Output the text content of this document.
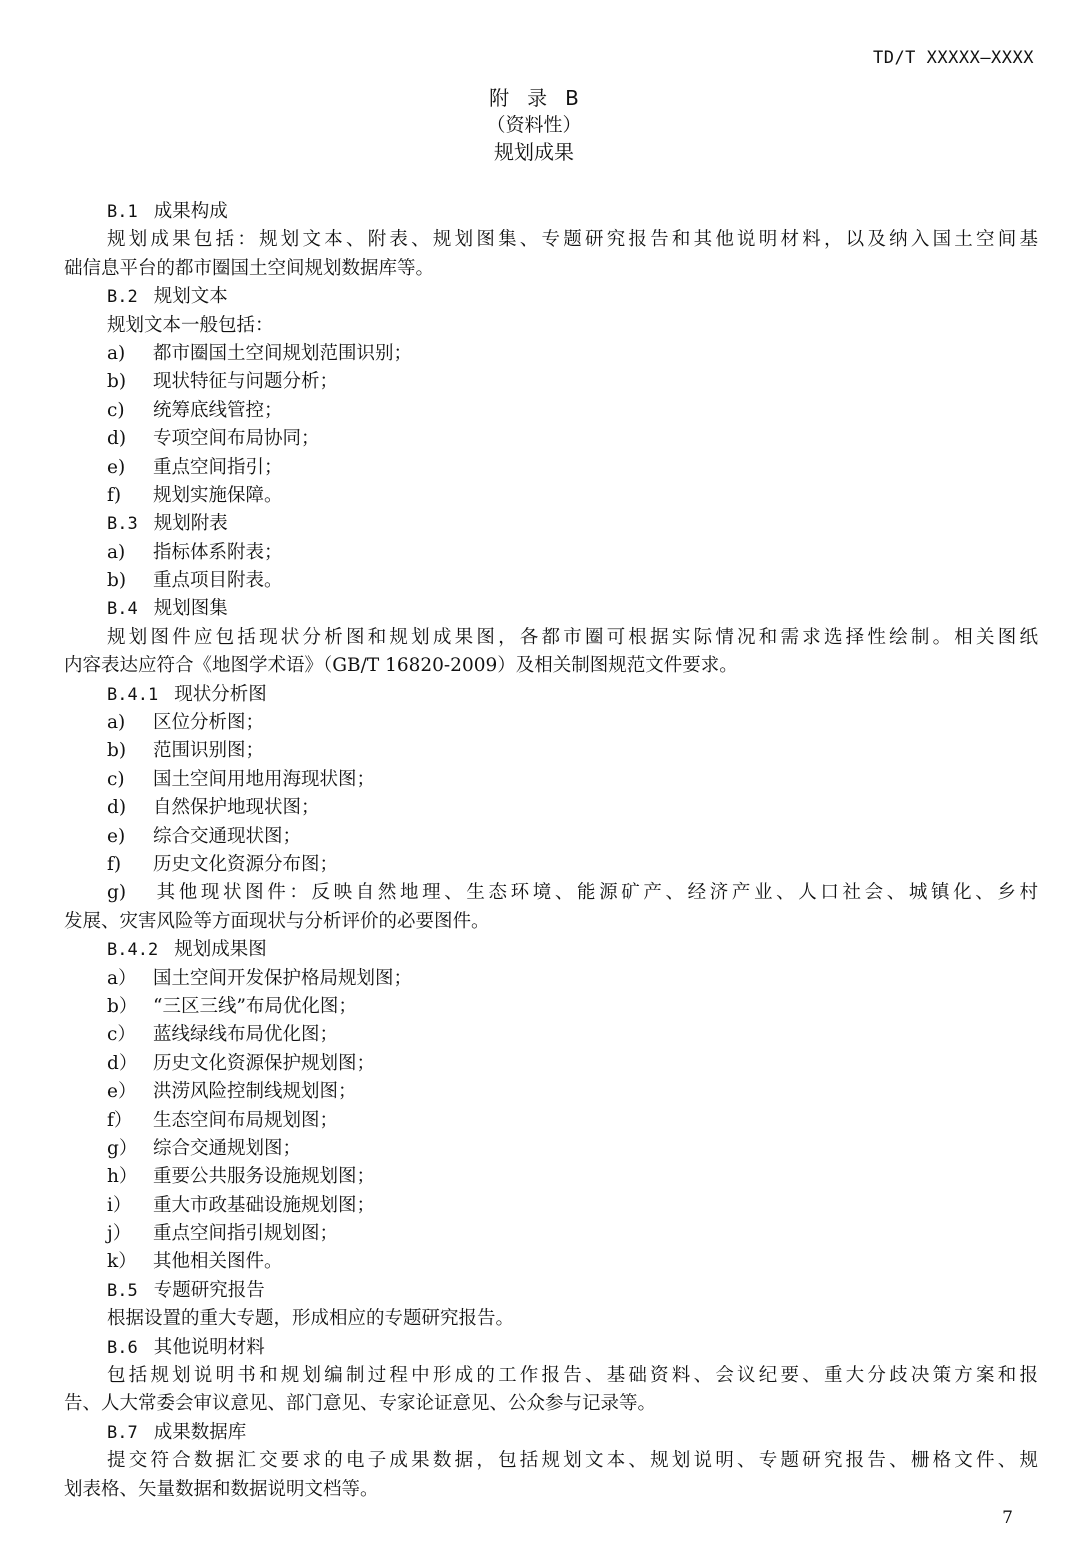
TD/T XXXXX—XXXX
附录B
（资料性）
规划成果
B.1 成果构成
规划成果包括：规划文本、附表、规划图集、专题研究报告和其他说明材料，以及纳入国土空间基
础信息平台的都市圈国土空间规划数据库等。
B.2 规划文本
规划文本一般包括：
a) 都市圈国土空间规划范围识别；
b) 现状特征与问题分析；
c) 统筹底线管控；
d) 专项空间布局协同；
e) 重点空间指引；
f) 规划实施保障。
B.3 规划附表
a) 指标体系附表；
b) 重点项目附表。
B.4 规划图集
规划图件应包括现状分析图和规划成果图，各都市圈可根据实际情况和需求选择性绘制。相关图纸
内容表达应符合《地图学术语》（GB/T 16820-2009）及相关制图规范文件要求。
B.4.1 现状分析图
a) 区位分析图；
b) 范围识别图；
c) 国土空间用地用海现状图；
d) 自然保护地现状图；
e) 综合交通现状图；
f) 历史文化资源分布图；
g) 其他现状图件：反映自然地理、生态环境、能源矿产、经济产业、人口社会、城镇化、乡村
发展、灾害风险等方面现状与分析评价的必要图件。
B.4.2 规划成果图
a） 国土空间开发保护格局规划图；
b） “三区三线”布局优化图；
c） 蓝线绿线布局优化图；
d） 历史文化资源保护规划图；
e） 洪涝风险控制线规划图；
f） 生态空间布局规划图；
g） 综合交通规划图；
h） 重要公共服务设施规划图；
i） 重大市政基础设施规划图；
j） 重点空间指引规划图；
k） 其他相关图件。
B.5 专题研究报告
根据设置的重大专题，形成相应的专题研究报告。
B.6 其他说明材料
包括规划说明书和规划编制过程中形成的工作报告、基础资料、会议纪要、重大分歧决策方案和报
告、人大常委会审议意见、部门意见、专家论证意见、公众参与记录等。
B.7 成果数据库
提交符合数据汇交要求的电子成果数据，包括规划文本、规划说明、专题研究报告、栅格文件、规
划表格、矢量数据和数据说明文档等。
7
